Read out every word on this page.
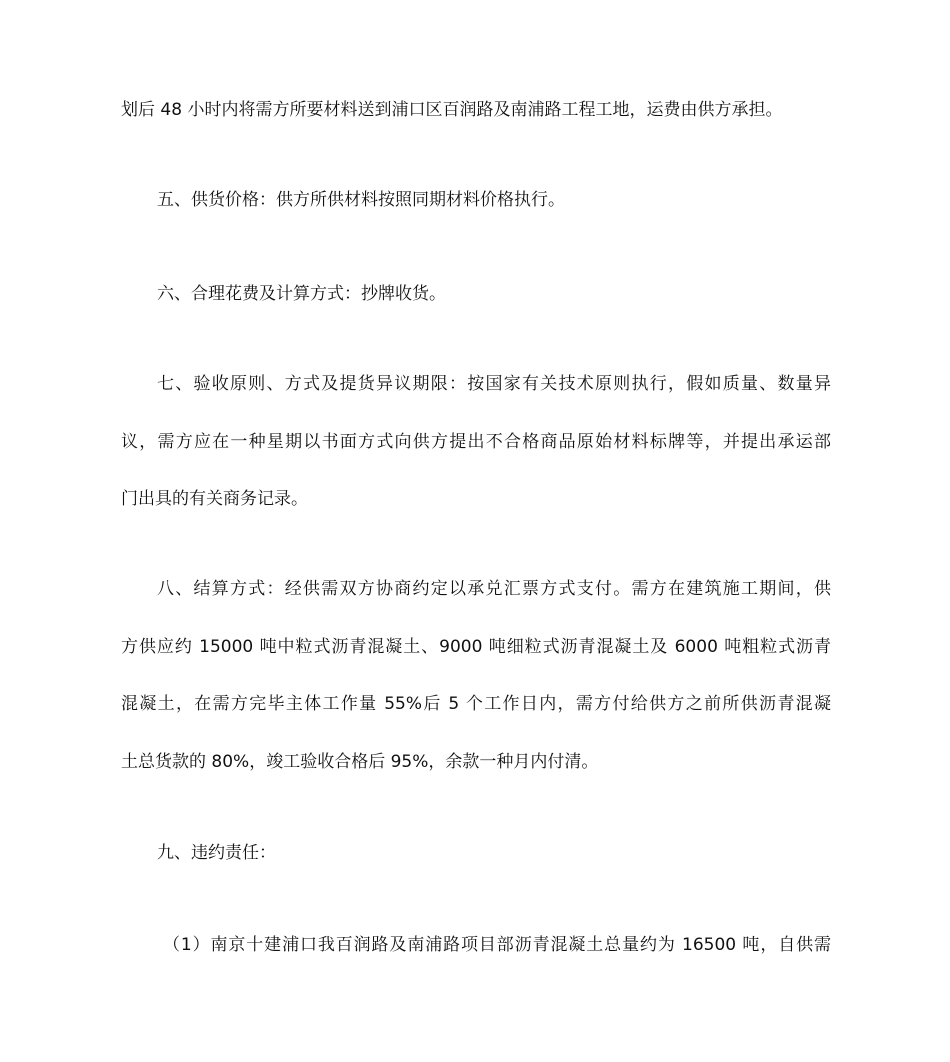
划后 48 小时内将需方所要材料送到浦口区百润路及南浦路工程工地，运费由供方承担。
五、供货价格：供方所供材料按照同期材料价格执行。
六、合理花费及计算方式：抄牌收货。
七、验收原则、方式及提货异议期限：按国家有关技术原则执行，假如质量、数量异
议，需方应在一种星期以书面方式向供方提出不合格商品原始材料标牌等，并提出承运部
门出具的有关商务记录。
八、结算方式：经供需双方协商约定以承兑汇票方式支付。需方在建筑施工期间，供
方供应约 15000 吨中粒式沥青混凝土、9000 吨细粒式沥青混凝土及 6000 吨粗粒式沥青
混凝土，在需方完毕主体工作量 55%后 5 个工作日内，需方付给供方之前所供沥青混凝
土总货款的 80%，竣工验收合格后 95%，余款一种月内付清。
九、违约责任：
（1）南京十建浦口我百润路及南浦路项目部沥青混凝土总量约为 16500 吨，自供需
